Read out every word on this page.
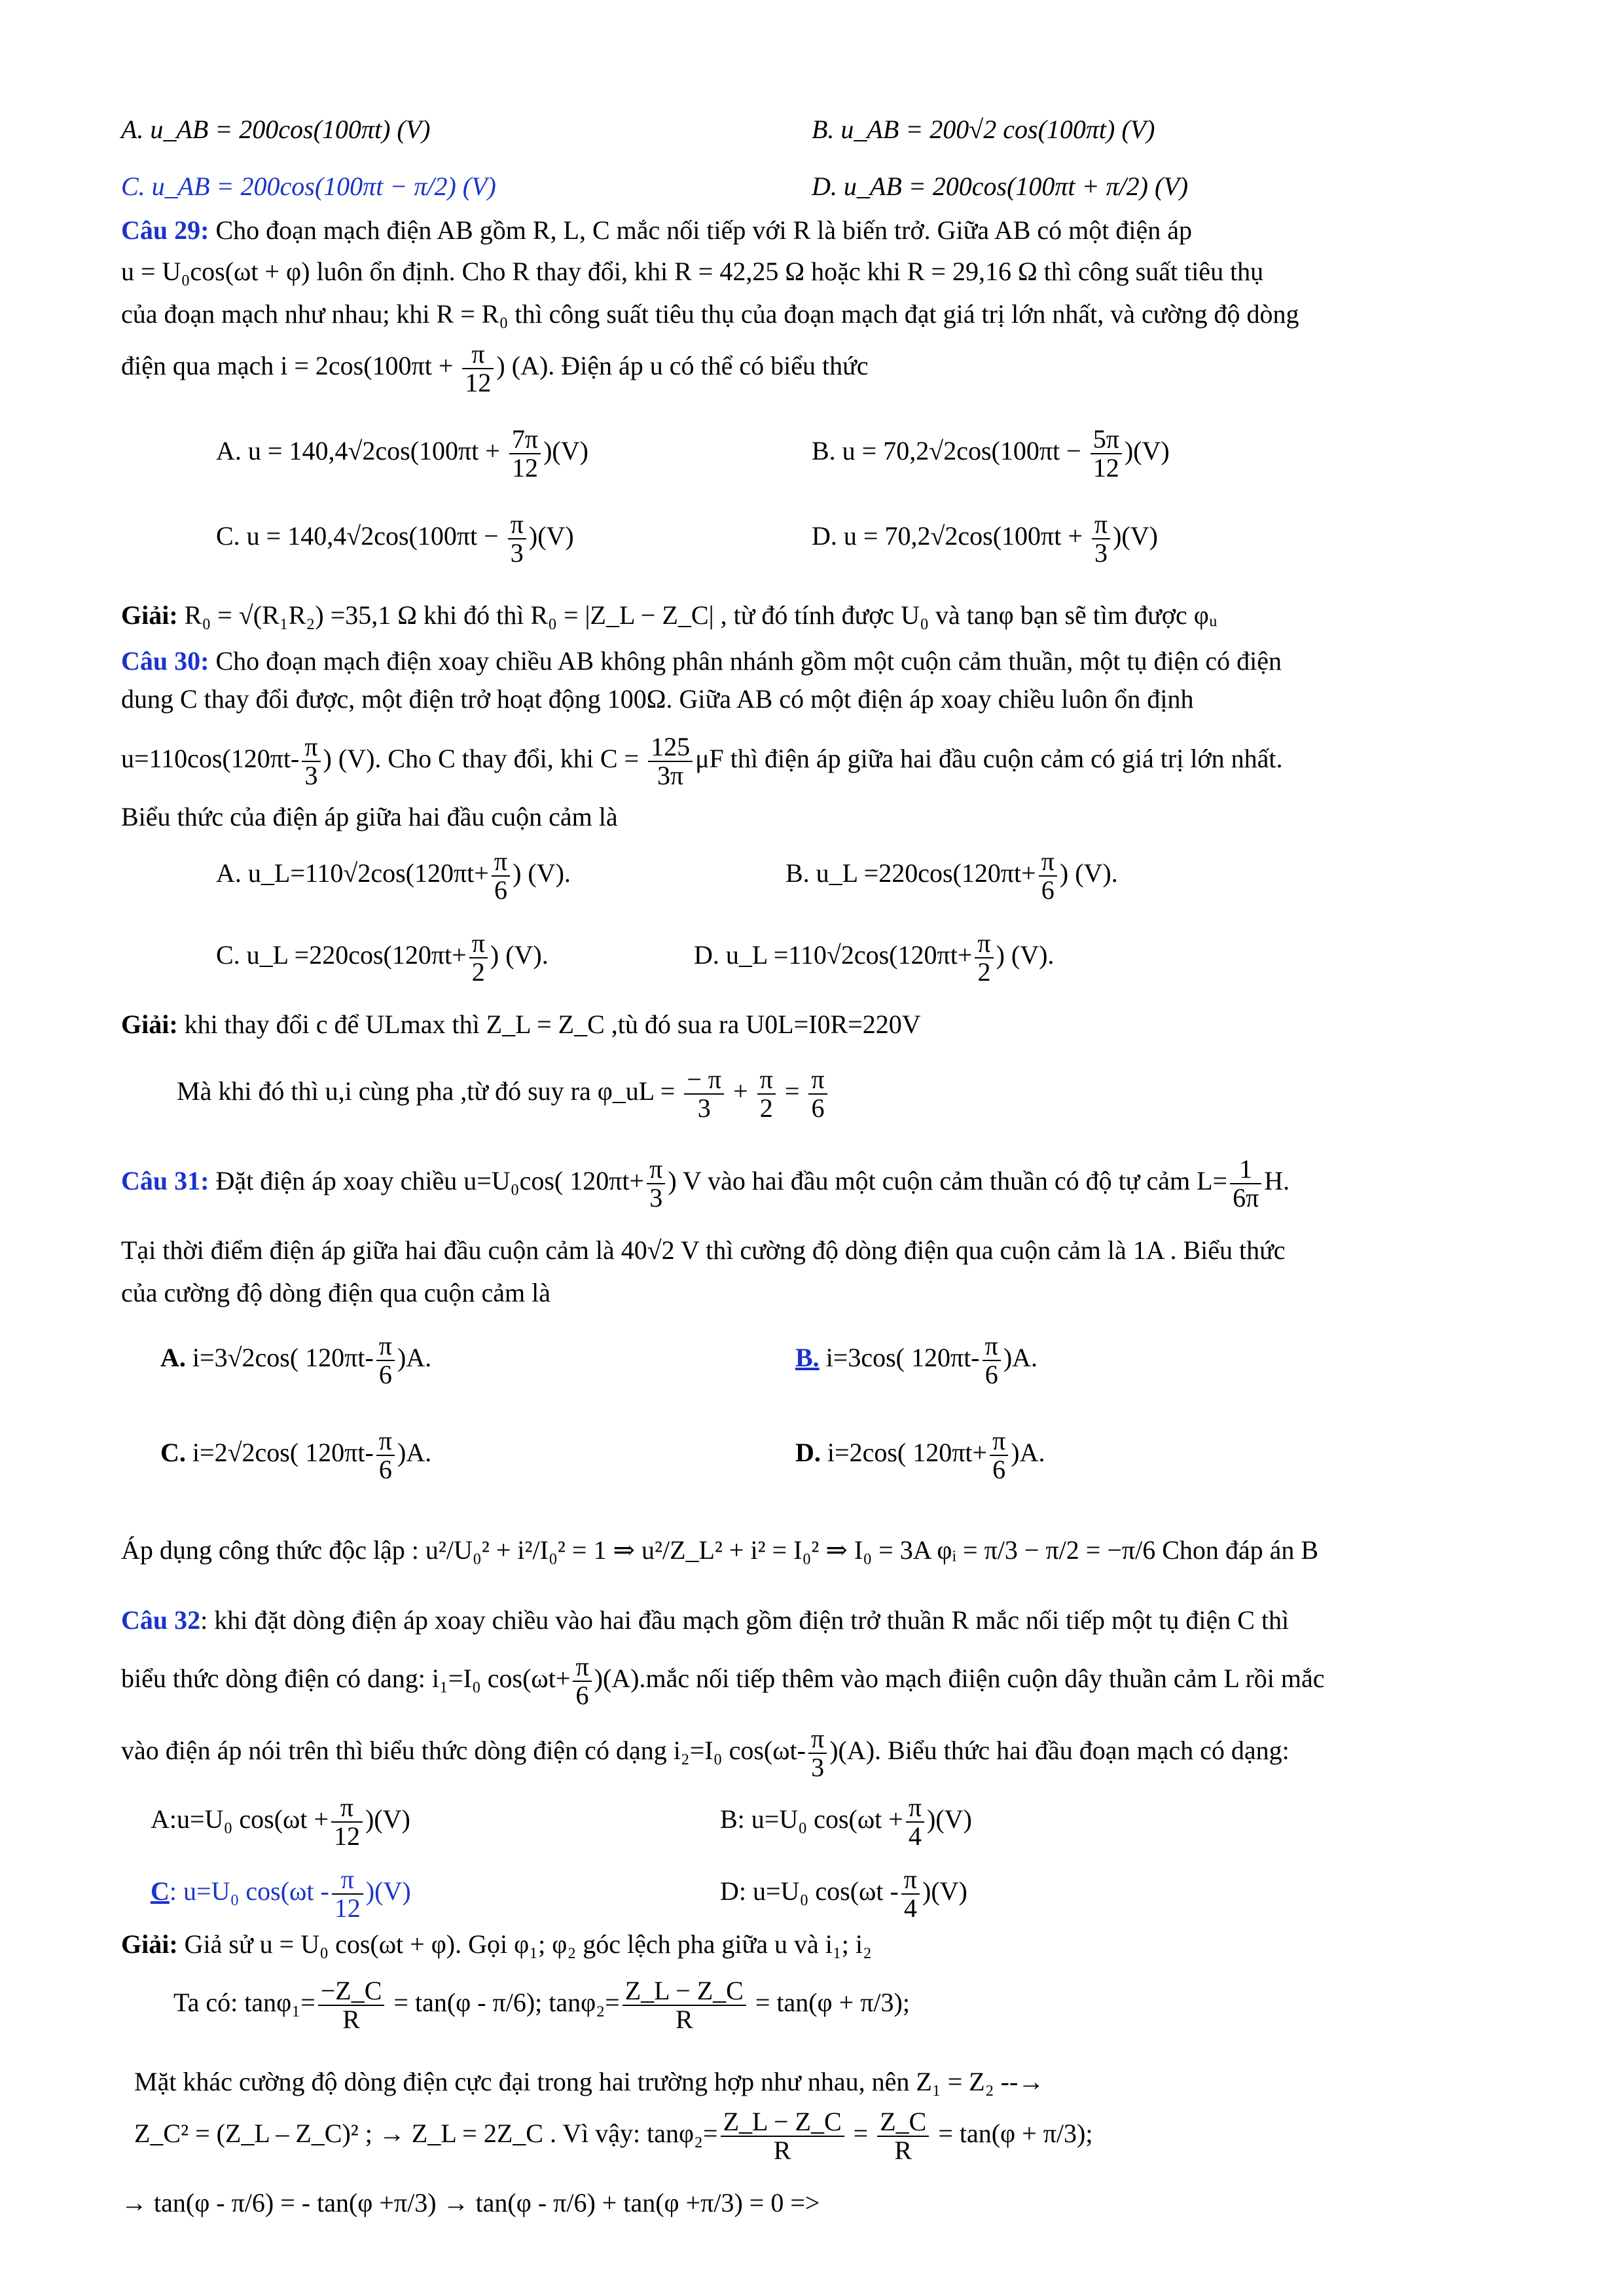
A. u_AB = 200cos(100πt) (V)	B. u_AB = 200√2 cos(100πt) (V)
C. u_AB = 200cos(100πt − π/2) (V)	D. u_AB = 200cos(100πt + π/2) (V)
Câu 29: Cho đoạn mạch điện AB gồm R, L, C mắc nối tiếp với R là biến trở. Giữa AB có một điện áp
u = U₀cos(ωt + φ) luôn ổn định. Cho R thay đổi, khi R = 42,25 Ω hoặc khi R = 29,16 Ω thì công suất tiêu thụ
của đoạn mạch như nhau; khi R = R₀ thì công suất tiêu thụ của đoạn mạch đạt giá trị lớn nhất, và cường độ dòng
điện qua mạch $i = 2\cos(100\pi t + \frac{\pi}{12}$ ) (A). Điện áp u có thể có biểu thức
A. $u = 140,4√2\cos(100\pi t + \frac{7\pi}{12} )(V)$	B. $u = 70,2√2\cos(100\pi t - \frac{5\pi}{12} )(V)$
C. $u = 140,4√2\cos(100\pi t - \frac{\pi}{3} )(V)$	D. $u = 70,2√2\cos(100\pi t + \frac{\pi}{3} )(V)$
Giải: R₀ = √(R₁R₂) =35,1 Ω khi đó thì R₀ = |Z_L − Z_C| , từ đó tính được U₀ và tanφ bạn sẽ tìm được φᵤ
Câu 30: Cho đoạn mạch điện xoay chiều AB không phân nhánh gồm một cuộn cảm thuần, một tụ điện có điện
dung C thay đổi được, một điện trở hoạt động 100Ω. Giữa AB có một điện áp xoay chiều luôn ổn định
$u=110\cos(120\pi t- \frac{\pi}{3}$ ) (V). Cho C thay đổi, khi $C = \frac{125}{3\pi}$ μF thì điện áp giữa hai đầu cuộn cảm có giá trị lớn nhất.
Biểu thức của điện áp giữa hai đầu cuộn cảm là
A. u_L=110√2cos(120πt+ $\frac{\pi}{6}$ ) (V).	B. u_L $=220\cos(120\pi t+ \frac{\pi}{6}$ ) (V).
C. u_L $=220\cos(120\pi t+ \frac{\pi}{2}$ ) (V).	D. u_L $=110√2\cos(120\pi t+ \frac{\pi}{2}$ ) (V).
Giải: khi thay đổi c để ULmax thì Z_L = Z_C ,tù đó sua ra U0L=I0R=220V
Mà khi đó thì u,i cùng pha ,từ đó suy ra φ_uL = $\frac{- \pi}{3} + \frac{\pi}{2} = \frac{\pi}{6}$
Câu 31: Đặt điện áp xoay chiều u=U₀cos( $120\pi t+ \frac{\pi}{3}$ ) V vào hai đầu một cuộn cảm thuần có độ tự cảm $L= \frac{1}{6\pi} H$.
Tại thời điểm điện áp giữa hai đầu cuộn cảm là 40√2 V thì cường độ dòng điện qua cuộn cảm là 1A . Biểu thức
của cường độ dòng điện qua cuộn cảm là
A. i=3√2cos( $120\pi t- \frac{\pi}{6} )A$.	B. i=3cos( $120\pi t- \frac{\pi}{6} )A$.
C. i=2√2cos( $120\pi t- \frac{\pi}{6} )A$.	D. i=2cos( $120\pi t+ \frac{\pi}{6} )A$.
Áp dụng công thức độc lập : u²/U₀² + i²/I₀² = 1 ⇒ u²/Z_L² + i² = I₀² ⇒ I₀ = 3A φᵢ = π/3 − π/2 = −π/6 Chon đáp án B
Câu 32: khi đặt dòng điện áp xoay chiều vào hai đầu mạch gồm điện trở thuần R mắc nối tiếp một tụ điện C thì
biểu thức dòng điện có dang: i₁=I₀ $\cos(\omega t+ \frac{\pi}{6}$ )(A).mắc nối tiếp thêm vào mạch điiện cuộn dây thuần cảm L rồi mắc
vào điện áp nói trên thì biểu thức dòng điện có dạng i₂=I₀ $\cos(\omega t- \frac{\pi}{3} )(A)$. Biểu thức hai đầu đoạn mạch có dạng:
A:u=U₀ $\cos(\omega t + \frac{\pi}{12} )(V)$	B: u=U₀ $\cos(\omega t + \frac{\pi}{4} )(V)$
C: u=U₀ $\cos(\omega t - \frac{\pi}{12} )(V)$	D: u=U₀ $\cos(\omega t - \frac{\pi}{4} )(V)$
Giải: Giả sử u = U₀ cos(ωt + φ). Gọi φ₁; φ₂ góc lệch pha giữa u và i₁; i₂
Ta có: $\tan\varphi_1= \frac{-Z\_C}{R} = \tan(\varphi - \pi/6)$; $\tan\varphi_2= \frac{Z\_L - Z\_C}{R} = \tan(\varphi + \pi/3)$;
Mặt khác cường độ dòng điện cực đại trong hai trường hợp như nhau, nên Z₁ = Z₂ --→
Z_C² = (Z_L – Z_C)² ; → Z_L = 2Z_C . Vì vậy: $\tan\varphi_2= \frac{Z\_L - Z\_C}{R} = \frac{Z\_C}{R} = \tan(\varphi + \pi/3)$;
→ tan(φ - π/6) = - tan(φ +π/3) → tan(φ - π/6) + tan(φ +π/3) = 0 =>
